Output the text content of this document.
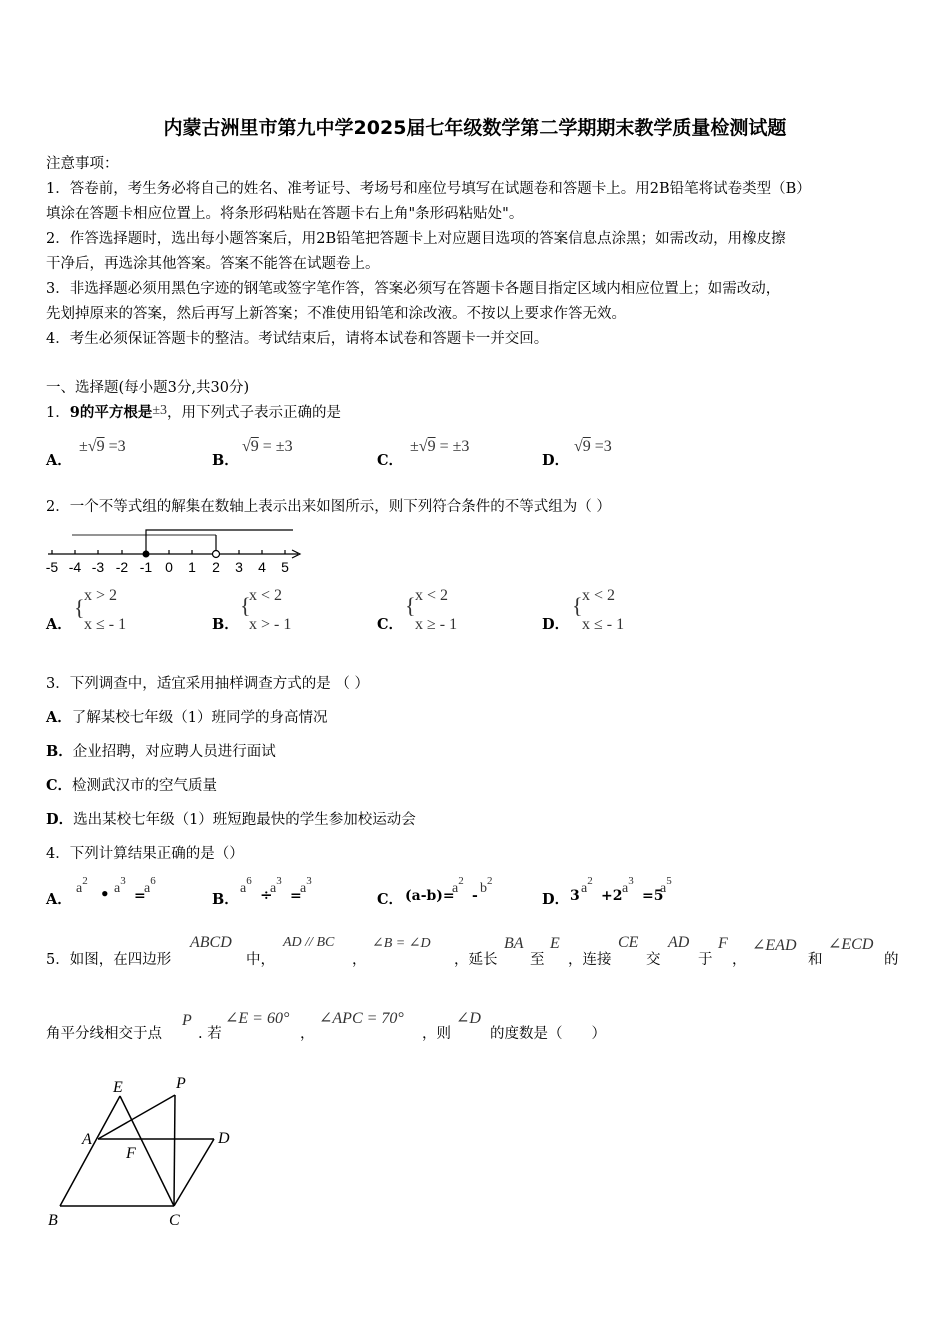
内蒙古洲里市第九中学2025届七年级数学第二学期期末教学质量检测试题
注意事项：
1．答卷前，考生务必将自己的姓名、准考证号、考场号和座位号填写在试题卷和答题卡上。用2B铅笔将试卷类型（B）
填涂在答题卡相应位置上。将条形码粘贴在答题卡右上角"条形码粘贴处"。
2．作答选择题时，选出每小题答案后，用2B铅笔把答题卡上对应题目选项的答案信息点涂黑；如需改动，用橡皮擦
干净后，再选涂其他答案。答案不能答在试题卷上。
3．非选择题必须用黑色字迹的钢笔或签字笔作答，答案必须写在答题卡各题目指定区域内相应位置上；如需改动，
先划掉原来的答案，然后再写上新答案；不准使用铅笔和涂改液。不按以上要求作答无效。
4．考生必须保证答题卡的整洁。考试结束后，请将本试卷和答题卡一并交回。
一、选择题(每小题3分,共30分)
1．9的平方根是±3，用下列式子表示正确的是
A．
±√9 =3
B．
√9 = ±3
C．
±√9 = ±3
D．
√9 =3
2．一个不等式组的解集在数轴上表示出来如图所示，则下列符合条件的不等式组为（ ）
-5 -4 -3 -2 -1 0 1 2 3 4 5
A．
{ x > 2
x ≤ - 1	B．
{
x < 2
x > - 1	C．
{ x < 2
x ≥ - 1	D．
{ x < 2
x ≤ - 1
3．下列调查中，适宜采用抽样调查方式的是 （ ）
A．了解某校七年级（1）班同学的身高情况
B．企业招聘，对应聘人员进行面试
C．检测武汉市的空气质量
D．选出某校七年级（1）班短跑最快的学生参加校运动会
4．下列计算结果正确的是（）
A．
$a^2$
• $a^3$
=
$a^6$
B．
$a^6$
÷
$a^3$
=
$a^3$
C． (a-b)=
$a^2$
- $b^2$
D． 3 $a^2$
+2 $a^3$
=5
$a^5$
5．如图，在四边形
ABCD
中，
AD // BC
，
∠B = ∠D
，延长
BA
至
E
，连接
CE
交
AD
于
F
，
∠EAD
和
∠ECD
的
角平分线相交于点
P
. 若
∠E = 60°
，
∠APC = 70°
，则
∠D
的度数是（　　）
E	P
A	D
F
B	C
